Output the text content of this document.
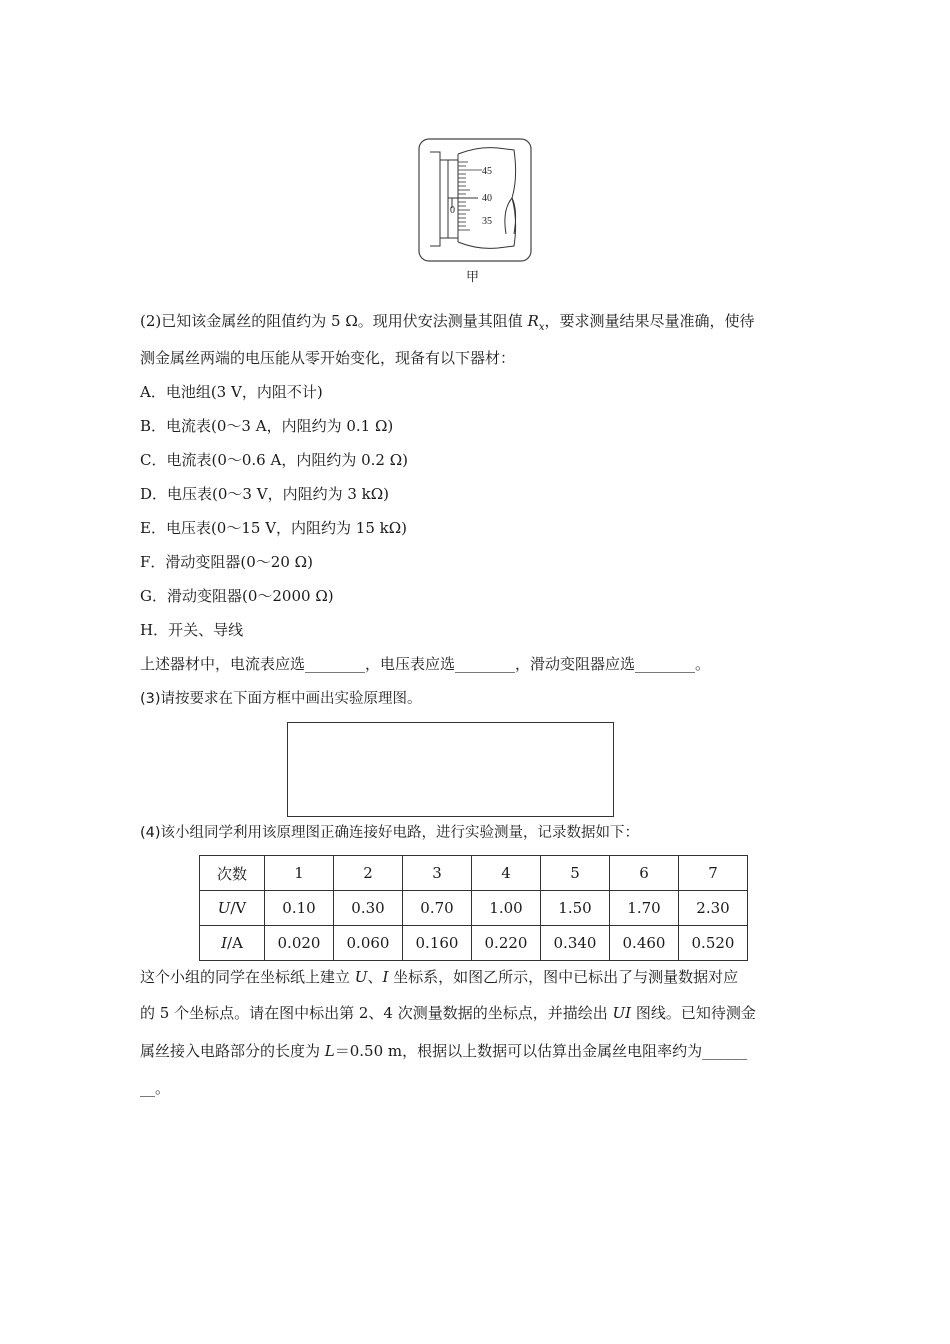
45
40
35
0
甲
(2)已知该金属丝的阻值约为 5 Ω。现用伏安法测量其阻值 $R_x$，要求测量结果尽量准确，使待
测金属丝两端的电压能从零开始变化，现备有以下器材：
A．电池组(3 V，内阻不计)
B．电流表(0～3 A，内阻约为 0.1 Ω)
C．电流表(0～0.6 A，内阻约为 0.2 Ω)
D．电压表(0～3 V，内阻约为 3 kΩ)
E．电压表(0～15 V，内阻约为 15 kΩ)
F．滑动变阻器(0～20 Ω)
G．滑动变阻器(0～2000 Ω)
H．开关、导线
上述器材中，电流表应选________，电压表应选________，滑动变阻器应选________。
(3)请按要求在下面方框中画出实验原理图。
(4)该小组同学利用该原理图正确连接好电路，进行实验测量，记录数据如下：
次数	1	2	3	4	5	6	7
U/V	0.10	0.30	0.70	1.00	1.50	1.70	2.30
I/A	0.020	0.060	0.160	0.220	0.340	0.460	0.520
这个小组的同学在坐标纸上建立 U、I 坐标系，如图乙所示，图中已标出了与测量数据对应
的 5 个坐标点。请在图中标出第 2、4 次测量数据的坐标点，并描绘出 UI 图线。已知待测金
属丝接入电路部分的长度为 L＝0.50 m，根据以上数据可以估算出金属丝电阻率约为______
__。
